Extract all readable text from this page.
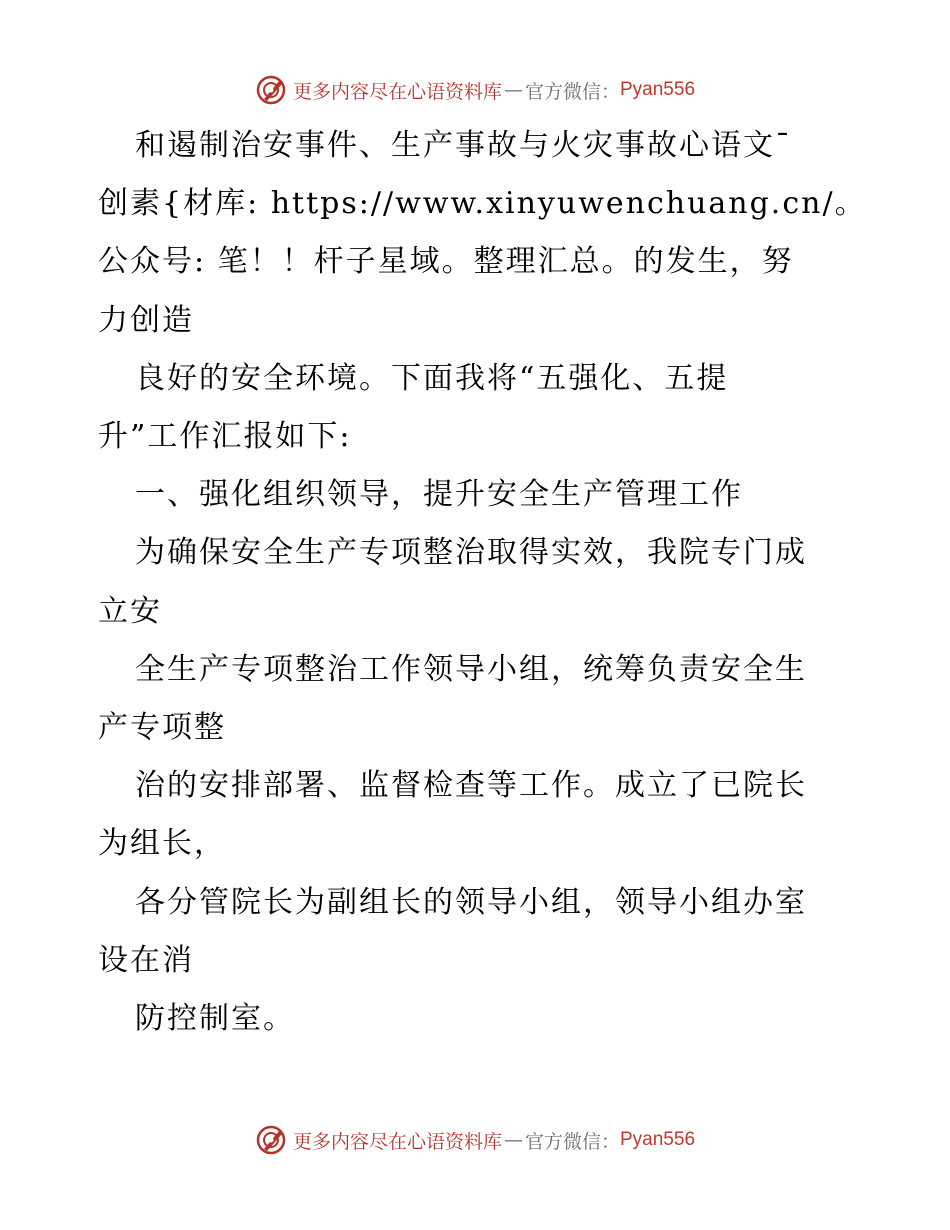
更多内容尽在心语资料库 — 官方微信： Pyan556
和遏制治安事件、生产事故与火灾事故心语文¯
创素{材库: https://www.xinyuwenchuang.cn/。
公众号: 笔！！杆子星域。整理汇总。的发生，努
力创造
良好的安全环境。下面我将“五强化、五提
升”工作汇报如下:
一、强化组织领导，提升安全生产管理工作
为确保安全生产专项整治取得实效，我院专门成
立安
全生产专项整治工作领导小组，统筹负责安全生
产专项整
治的安排部署、监督检查等工作。成立了已院长
为组长，
各分管院长为副组长的领导小组，领导小组办室
设在消
防控制室。
更多内容尽在心语资料库 — 官方微信： Pyan556
